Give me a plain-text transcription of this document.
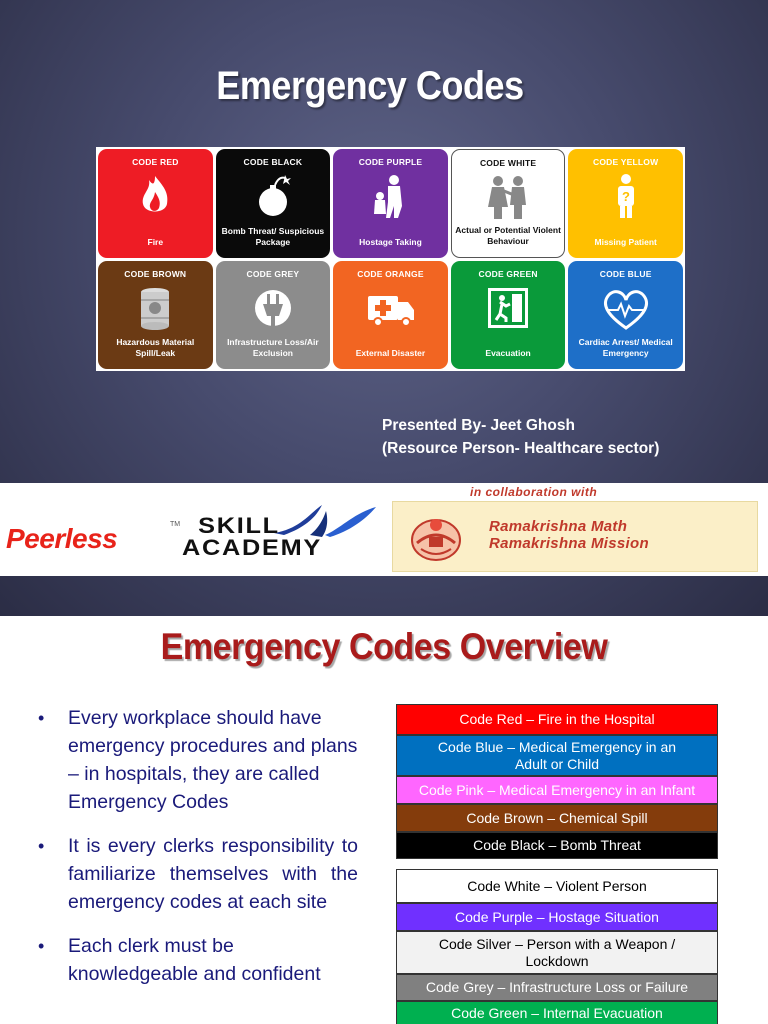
Emergency Codes
CODE RED
Fire
CODE BLACK
Bomb Threat/ Suspicious Package
CODE PURPLE
Hostage Taking
CODE WHITE
Actual or Potential Violent Behaviour
CODE YELLOW
?
Missing Patient
CODE BROWN
Hazardous Material Spill/Leak
CODE GREY
Infrastructure Loss/Air Exclusion
CODE ORANGE
External Disaster
CODE GREEN
Evacuation
CODE BLUE
Cardiac Arrest/ Medical Emergency
Presented By- Jeet Ghosh
(Resource Person- Healthcare sector)
in collaboration with
Peerless	TM SKILL
ACADEMY
Ramakrishna Math
Ramakrishna Mission
Emergency Codes Overview
• Every workplace should have emergency procedures and plans – in hospitals, they are called Emergency Codes
• It is every clerks responsibility to familiarize themselves with the emergency codes at each site
• Each clerk must be knowledgeable and confident
Code Red – Fire in the Hospital
Code Blue – Medical Emergency in an
Adult or Child
Code Pink – Medical Emergency in an Infant
Code Brown – Chemical Spill
Code Black – Bomb Threat
Code White – Violent Person
Code Purple – Hostage Situation
Code Silver – Person with a Weapon /
Lockdown
Code Grey – Infrastructure Loss or Failure
Code Green – Internal Evacuation
